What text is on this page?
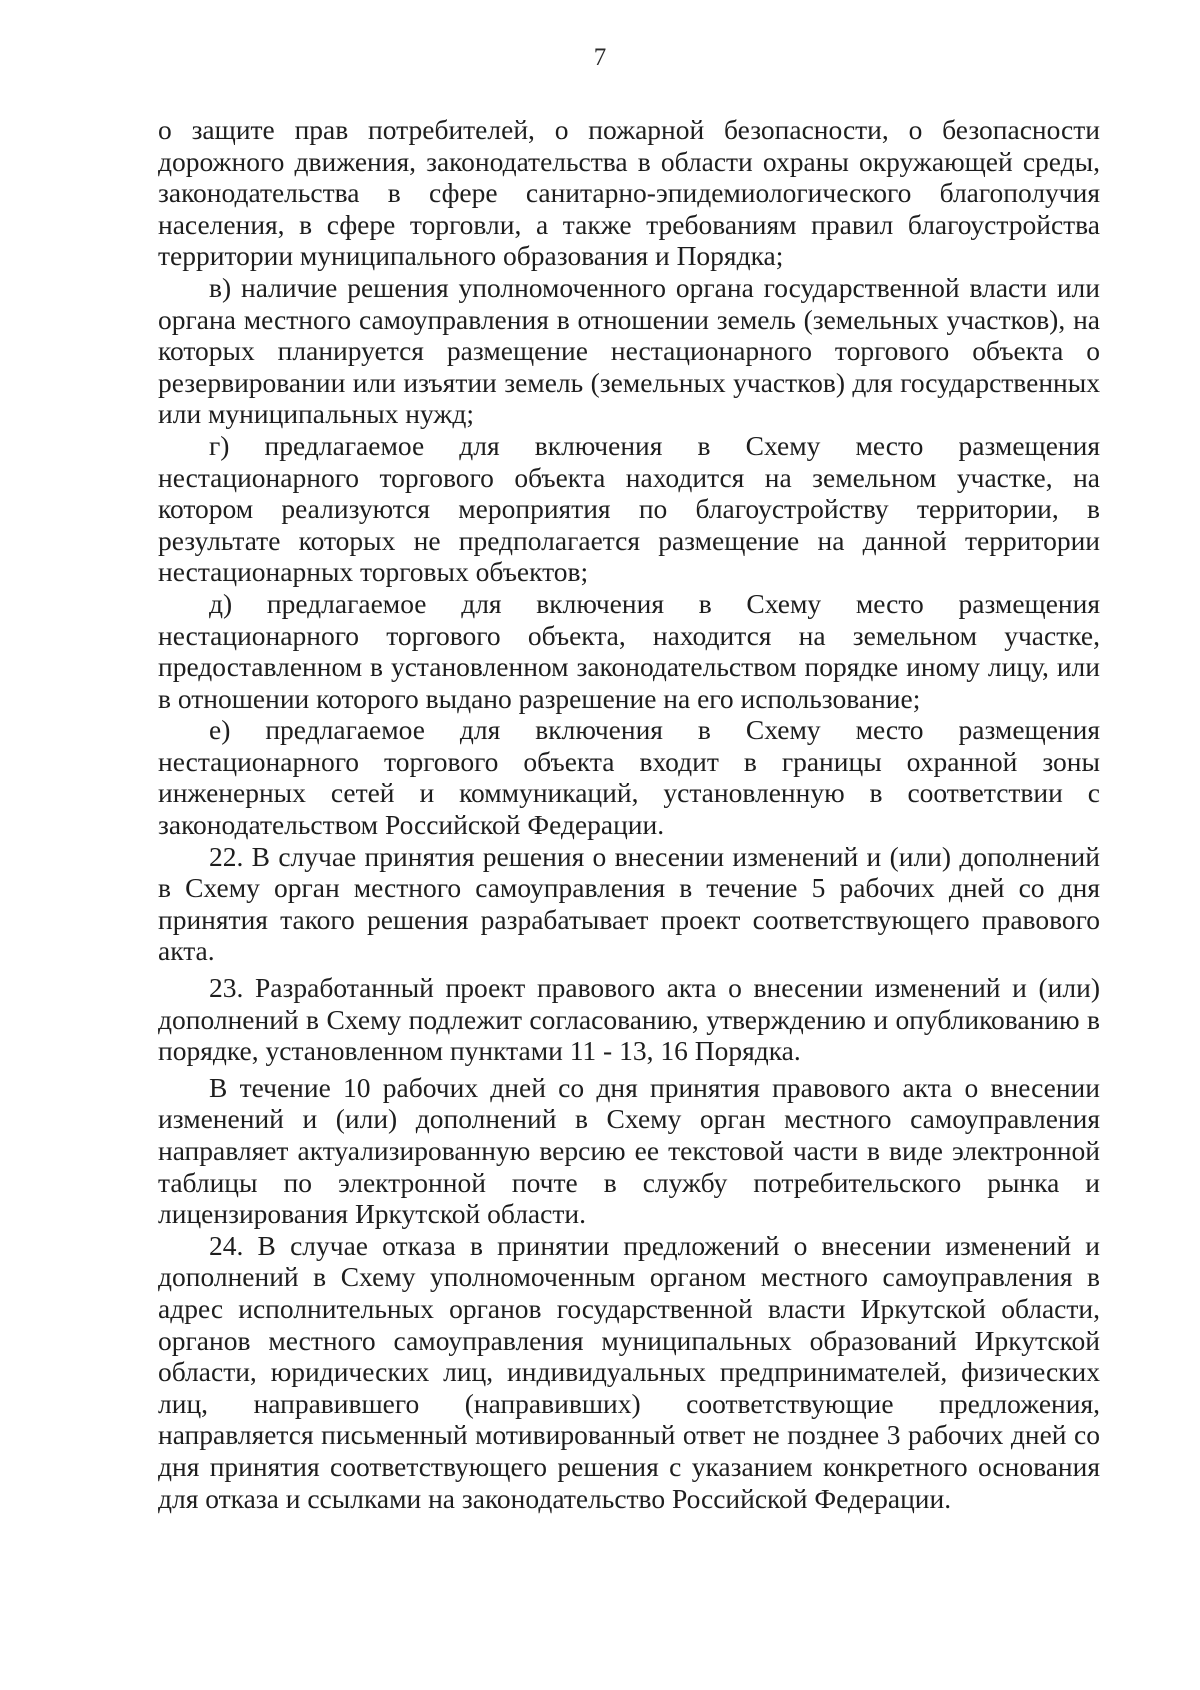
7

о защите прав потребителей, о пожарной безопасности, о безопасности дорожного движения, законодательства в области охраны окружающей среды, законодательства в сфере санитарно-эпидемиологического благополучия населения, в сфере торговли, а также требованиям правил благоустройства территории муниципального образования и Порядка;

в) наличие решения уполномоченного органа государственной власти или органа местного самоуправления в отношении земель (земельных участков), на которых планируется размещение нестационарного торгового объекта о резервировании или изъятии земель (земельных участков) для государственных или муниципальных нужд;

г) предлагаемое для включения в Схему место размещения нестационарного торгового объекта находится на земельном участке, на котором реализуются мероприятия по благоустройству территории, в результате которых не предполагается размещение на данной территории нестационарных торговых объектов;

д) предлагаемое для включения в Схему место размещения нестационарного торгового объекта, находится на земельном участке, предоставленном в установленном законодательством порядке иному лицу, или в отношении которого выдано разрешение на его использование;

е) предлагаемое для включения в Схему место размещения нестационарного торгового объекта входит в границы охранной зоны инженерных сетей и коммуникаций, установленную в соответствии с законодательством Российской Федерации.

22. В случае принятия решения о внесении изменений и (или) дополнений в Схему орган местного самоуправления в течение 5 рабочих дней со дня принятия такого решения разрабатывает проект соответствующего правового акта.

23. Разработанный проект правового акта о внесении изменений и (или) дополнений в Схему подлежит согласованию, утверждению и опубликованию в порядке, установленном пунктами 11 - 13, 16 Порядка.

В течение 10 рабочих дней со дня принятия правового акта о внесении изменений и (или) дополнений в Схему орган местного самоуправления направляет актуализированную версию ее текстовой части в виде электронной таблицы по электронной почте в службу потребительского рынка и лицензирования Иркутской области.

24. В случае отказа в принятии предложений о внесении изменений и дополнений в Схему уполномоченным органом местного самоуправления в адрес исполнительных органов государственной власти Иркутской области, органов местного самоуправления муниципальных образований Иркутской области, юридических лиц, индивидуальных предпринимателей, физических лиц, направившего (направивших) соответствующие предложения, направляется письменный мотивированный ответ не позднее 3 рабочих дней со дня принятия соответствующего решения с указанием конкретного основания для отказа и ссылками на законодательство Российской Федерации.
